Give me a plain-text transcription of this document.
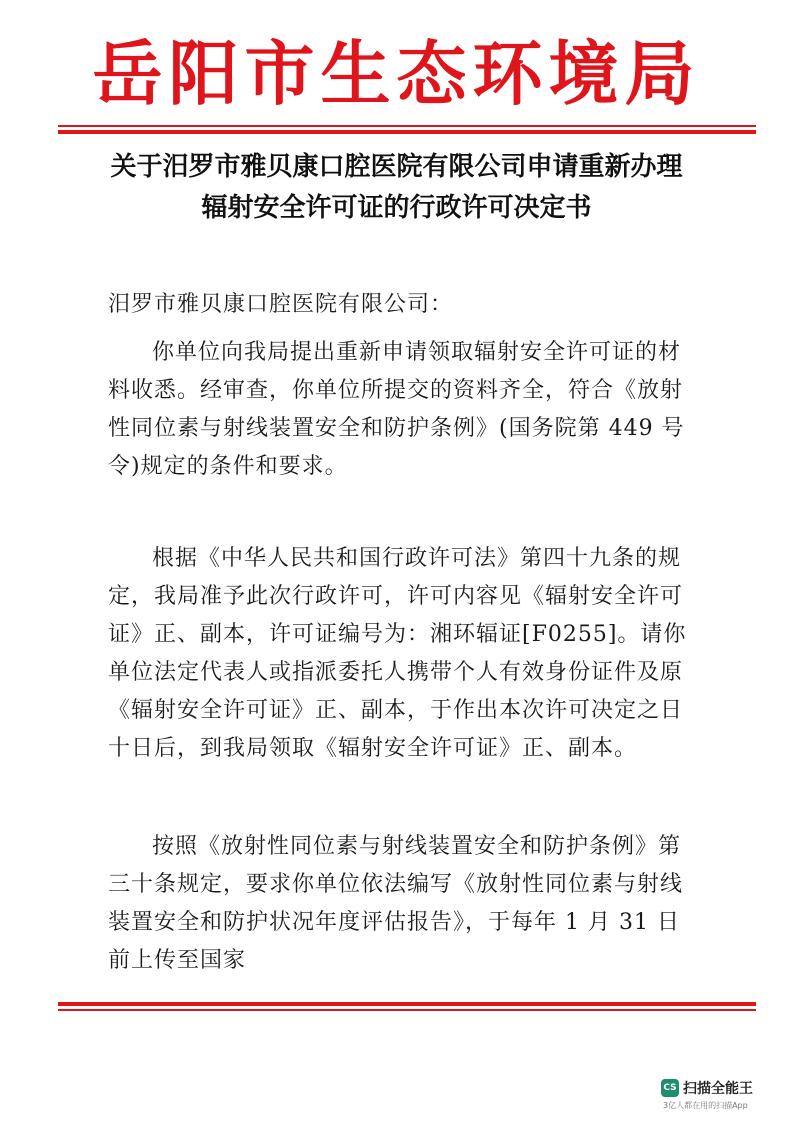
岳阳市生态环境局
关于汨罗市雅贝康口腔医院有限公司申请重新办理
辐射安全许可证的行政许可决定书
汨罗市雅贝康口腔医院有限公司：

你单位向我局提出重新申请领取辐射安全许可证的材料收悉。经审查，你单位所提交的资料齐全，符合《放射性同位素与射线装置安全和防护条例》(国务院第 449 号令)规定的条件和要求。

根据《中华人民共和国行政许可法》第四十九条的规定，我局准予此次行政许可，许可内容见《辐射安全许可证》正、副本，许可证编号为：湘环辐证[F0255]。请你单位法定代表人或指派委托人携带个人有效身份证件及原《辐射安全许可证》正、副本，于作出本次许可决定之日十日后，到我局领取《辐射安全许可证》正、副本。

按照《放射性同位素与射线装置安全和防护条例》第三十条规定，要求你单位依法编写《放射性同位素与射线装置安全和防护状况年度评估报告》，于每年 1 月 31 日前上传至国家

CS 扫描全能王
3亿人都在用的扫描App
